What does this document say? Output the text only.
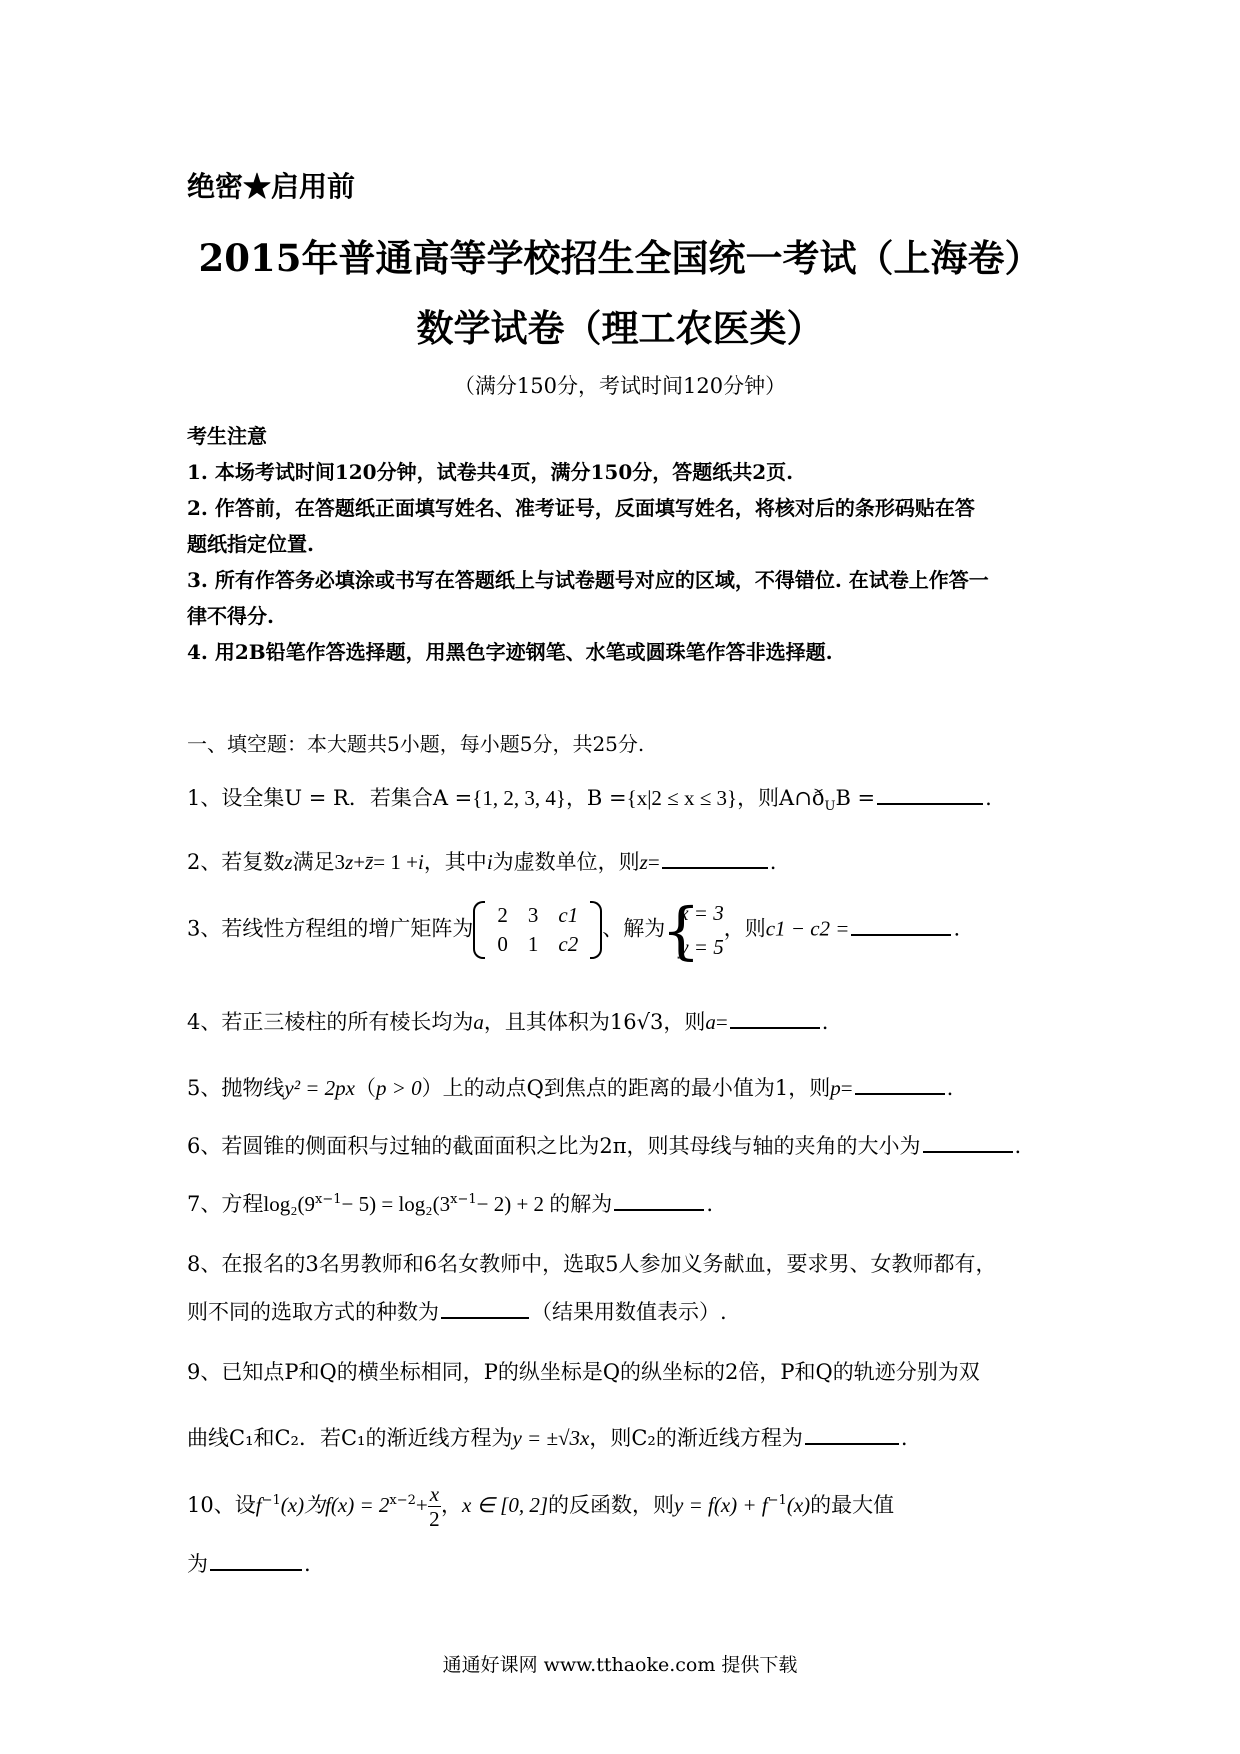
绝密★启用前
2015年普通高等学校招生全国统一考试（上海卷）
数学试卷（理工农医类）
（满分150分，考试时间120分钟）
考生注意
1. 本场考试时间120分钟，试卷共4页，满分150分，答题纸共2页.
2. 作答前，在答题纸正面填写姓名、准考证号，反面填写姓名，将核对后的条形码贴在答
题纸指定位置.
3. 所有作答务必填涂或书写在答题纸上与试卷题号对应的区域，不得错位. 在试卷上作答一
律不得分.
4. 用2B铅笔作答选择题，用黑色字迹钢笔、水笔或圆珠笔作答非选择题.
一、填空题：本大题共5小题，每小题5分，共25分.
1、设全集U = R．若集合A ={1, 2, 3, 4}，B ={x|2 ≤ x ≤ 3}，则$A\cap ð_UB$ =	.
2、若复数z满足3z+z̄= 1 +i，其中i为虚数单位，则z=	.
3、若线性方程组的增广矩阵为
2	3	c1
0	1	c2
、解为
{ x = 3
y = 5
，则c1 − c2 =	.
4、若正三棱柱的所有棱长均为a，且其体积为16√3，则a=	.
5、抛物线y² = 2px（p > 0）上的动点Q到焦点的距离的最小值为1，则p=	.
6、若圆锥的侧面积与过轴的截面面积之比为2π，则其母线与轴的夹角的大小为	.
7、方程$\log_2(9^{x-1}- 5) = \log_2(3^{x-1}- 2) + 2$ 的解为	.
8、在报名的3名男教师和6名女教师中，选取5人参加义务献血，要求男、女教师都有，
则不同的选取方式的种数为	（结果用数值表示）.
9、已知点P和Q的横坐标相同，P的纵坐标是Q的纵坐标的2倍，P和Q的轨迹分别为双
曲线C₁和C₂．若C₁的渐近线方程为y = ±√3x，则C₂的渐近线方程为	.
10、设$f^{-1}(x)$为$f(x) = 2^{x-2}+ \frac{x}{2}$ ，x ∈ [0, 2]的反函数，则$y = f(x) + f^{-1}(x)$的最大值
为	.
通通好课网 www.tthaoke.com 提供下载
